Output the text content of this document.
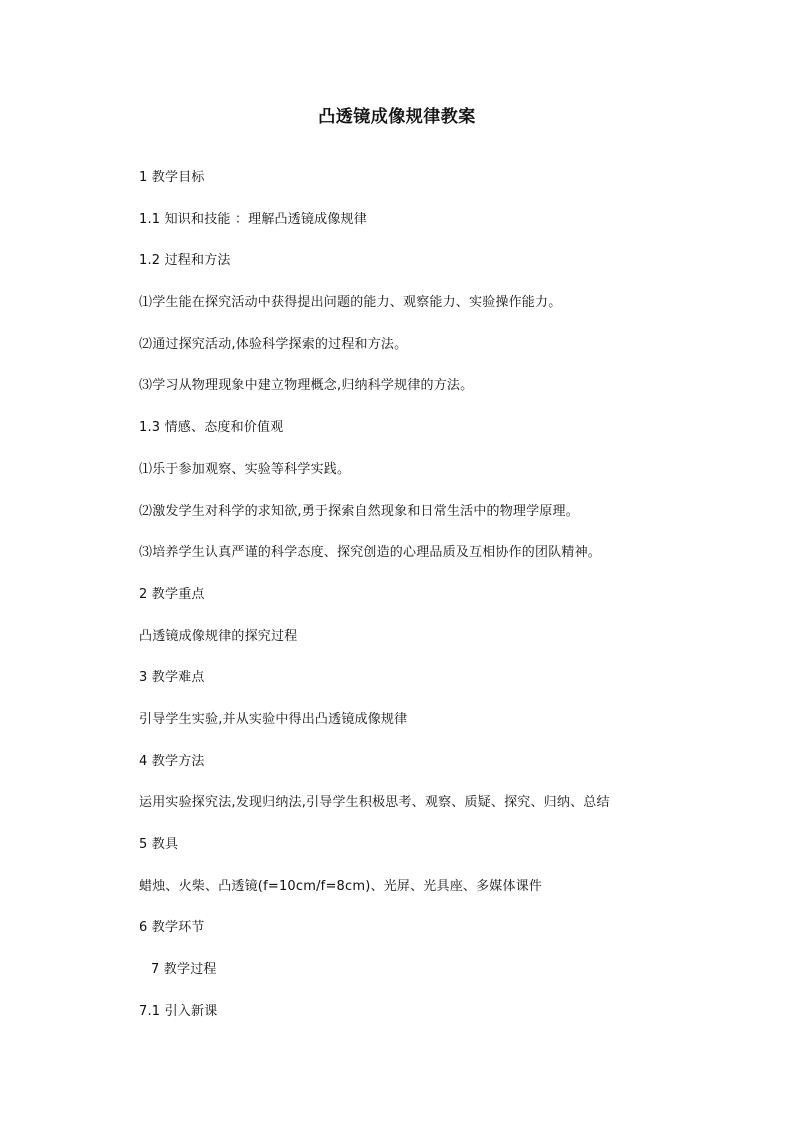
凸透镜成像规律教案
1 教学目标
1.1 知识和技能 ：理解凸透镜成像规律
1.2 过程和方法
⑴学生能在探究活动中获得提出问题的能力、观察能力、实验操作能力。
⑵通过探究活动,体验科学探索的过程和方法。
⑶学习从物理现象中建立物理概念,归纳科学规律的方法。
1.3 情感、态度和价值观
⑴乐于参加观察、实验等科学实践。
⑵激发学生对科学的求知欲,勇于探索自然现象和日常生活中的物理学原理。
⑶培养学生认真严谨的科学态度、探究创造的心理品质及互相协作的团队精神。
2 教学重点
凸透镜成像规律的探究过程
3 教学难点
引导学生实验,并从实验中得出凸透镜成像规律
4 教学方法
运用实验探究法,发现归纳法,引导学生积极思考、观察、质疑、探究、归纳、总结
5 教具
蜡烛、火柴、凸透镜(f=10cm/f=8cm)、光屏、光具座、多媒体课件
6 教学环节
7 教学过程
7.1 引入新课
